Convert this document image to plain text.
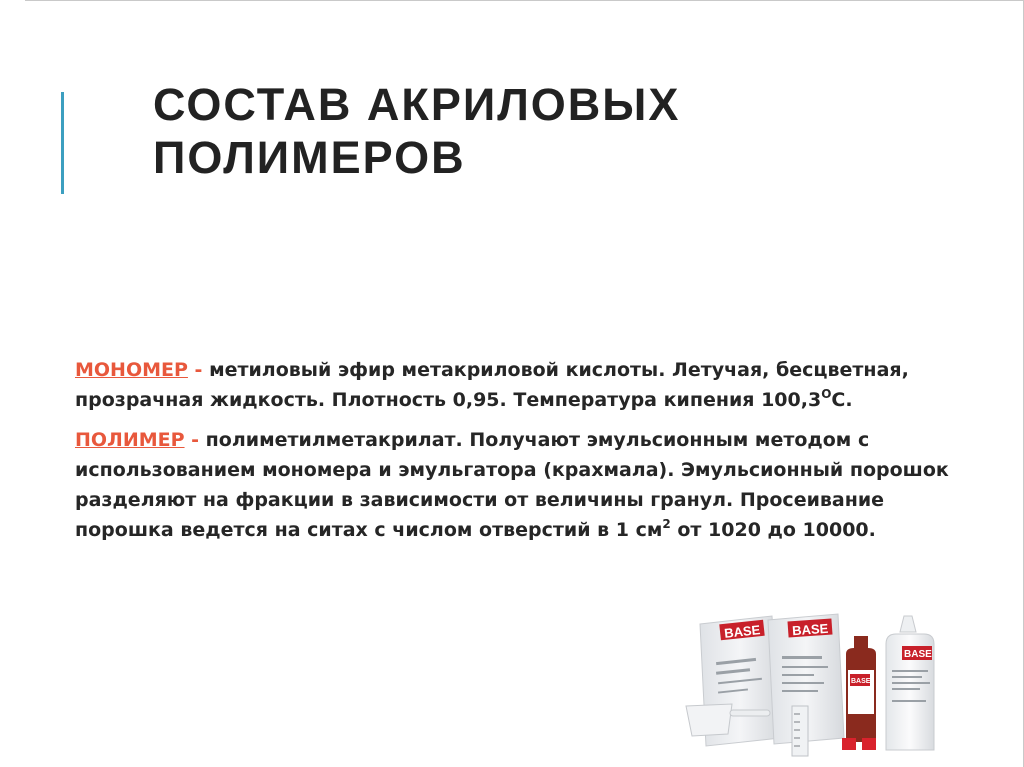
СОСТАВ АКРИЛОВЫХ
ПОЛИМЕРОВ

МОНОМЕР - метиловый эфир метакриловой кислоты. Летучая, бесцветная, прозрачная жидкость. Плотность 0,95. Температура кипения $100,3^ОС$.

ПОЛИМЕР - полиметилметакрилат. Получают эмульсионным методом с использованием мономера и эмульгатора (крахмала). Эмульсионный порошок разделяют на фракции в зависимости от величины гранул. Просеивание порошка ведется на ситах с числом отверстий в 1 $см^2$ от 1020 до 10000.

BASE BASE
BASE
BASE
